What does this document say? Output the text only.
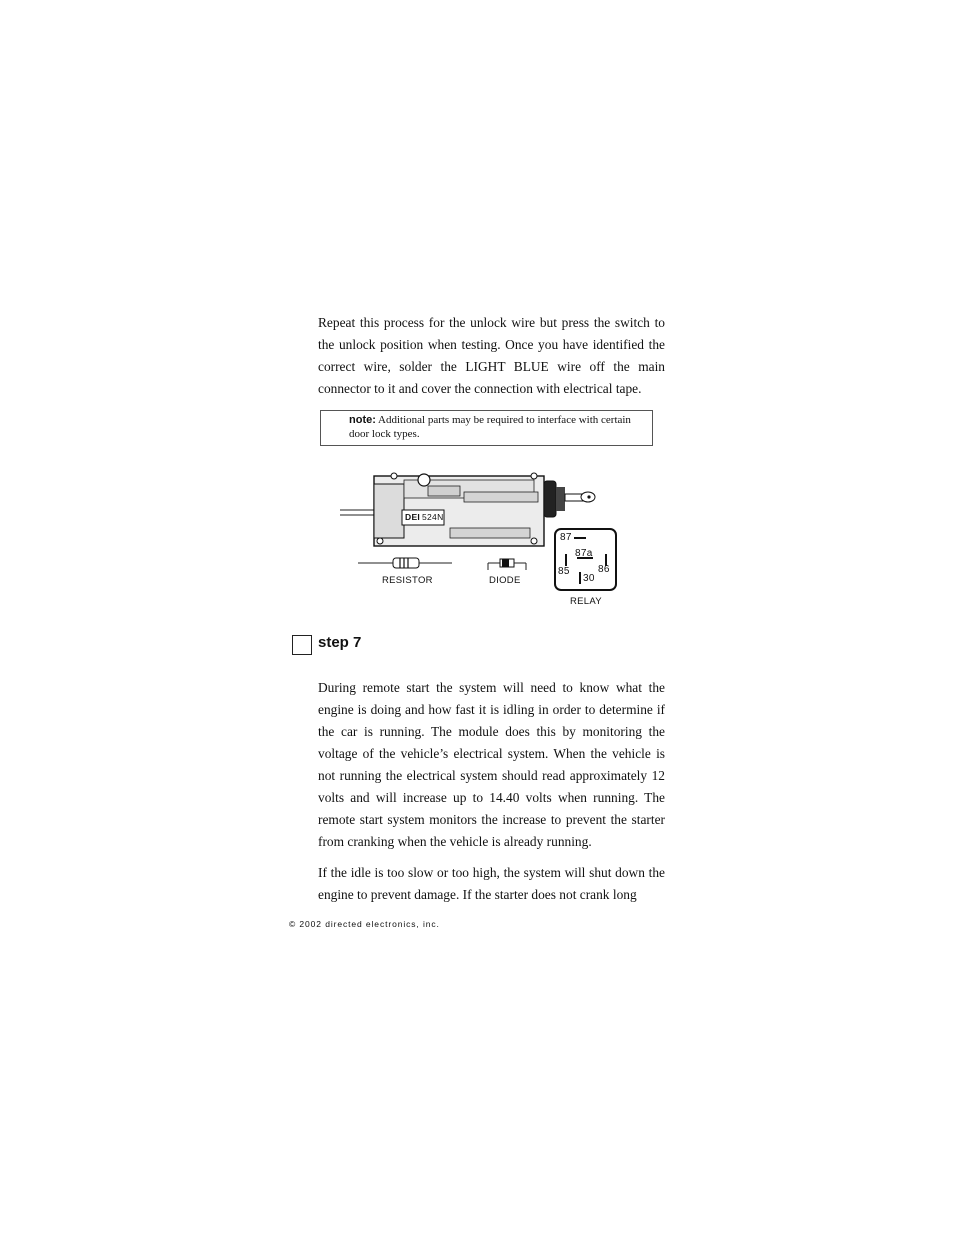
Repeat this process for the unlock wire but press the switch to the unlock position when testing. Once you have identified the correct wire, solder the LIGHT BLUE wire off the main connector to it and cover the connection with electrical tape.

note: Additional parts may be required to interface with certain door lock types.
DEI 524N
87
87a
85	86
30
RESISTOR	DIODE
RELAY
step 7

During remote start the system will need to know what the engine is doing and how fast it is idling in order to determine if the car is running. The module does this by monitoring the voltage of the vehicle’s electrical system. When the vehicle is not running the electrical system should read approximately 12 volts and will increase up to 14.40 volts when running. The remote start system monitors the increase to prevent the starter from cranking when the vehicle is already running.

If the idle is too slow or too high, the system will shut down the engine to prevent damage. If the starter does not crank long

© 2002 directed electronics, inc.
